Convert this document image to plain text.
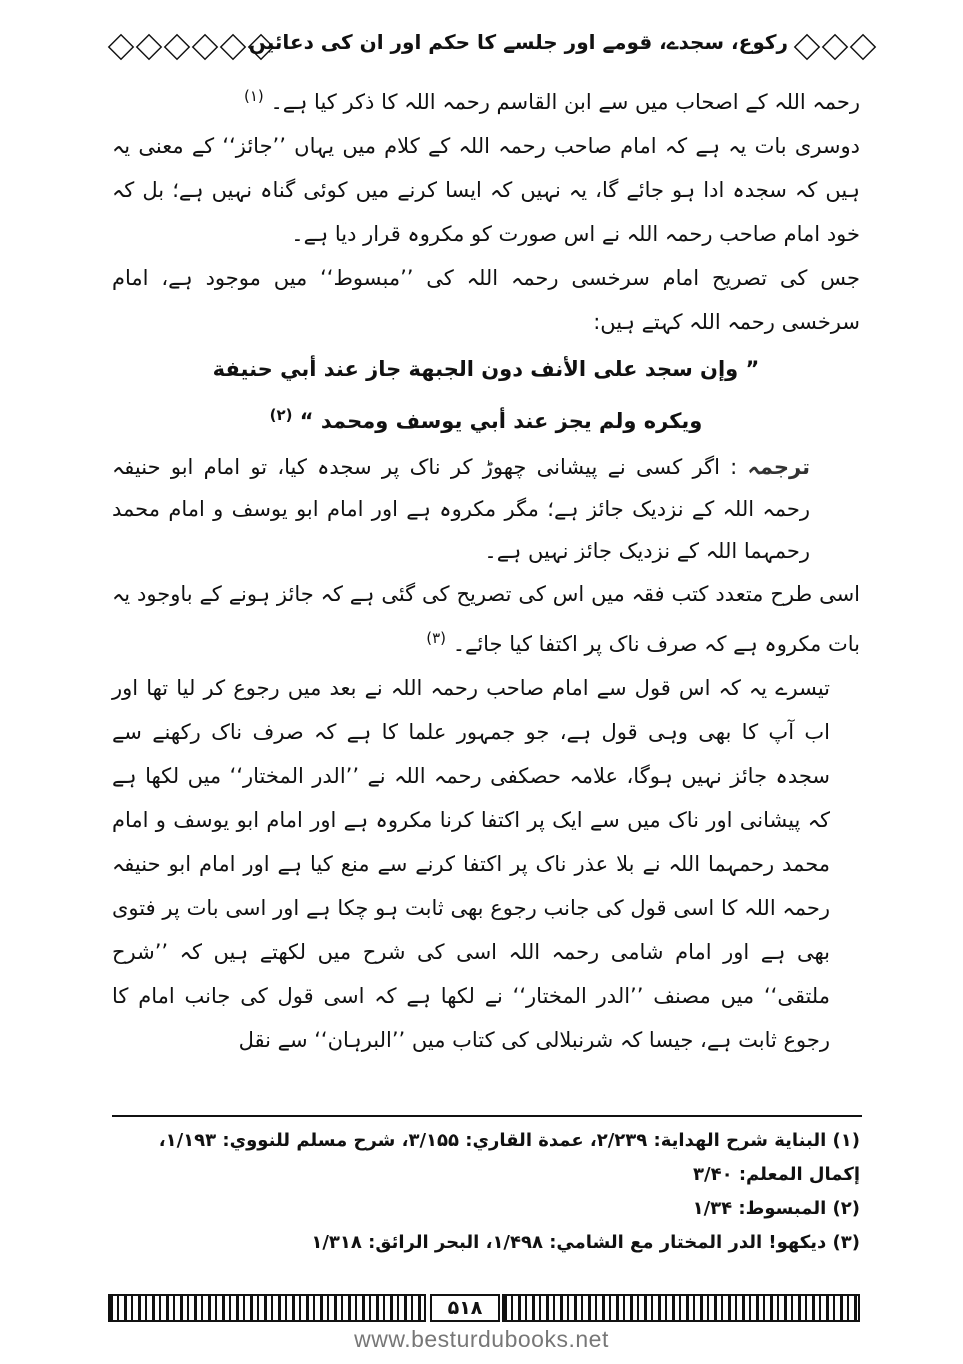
رکوع، سجدے، قومے اور جلسے کا حکم اور ان کی دعائیں

رحمہ اللہ کے اصحاب میں سے ابن القاسم رحمہ اللہ کا ذکر کیا ہے۔ $^{(۱)}$

دوسری بات یہ ہے کہ امام صاحب رحمہ اللہ کے کلام میں یہاں ’’جائز‘‘ کے معنی یہ ہیں کہ سجدہ ادا ہو جائے گا، یہ نہیں کہ ایسا کرنے میں کوئی گناہ نہیں ہے؛ بل کہ خود امام صاحب رحمہ اللہ نے اس صورت کو مکروہ قرار دیا ہے۔

جس کی تصریح امام سرخسی رحمہ اللہ کی ’’مبسوط‘‘ میں موجود ہے، امام سرخسی رحمہ اللہ کہتے ہیں:

” وإن سجد على الأنف دون الجبهة جاز عند أبي حنيفة

ويكره ولم يجز عند أبي يوسف ومحمد “ $^{(۲)}$

ترجمہ : اگر کسی نے پیشانی چھوڑ کر ناک پر سجدہ کیا، تو امام ابو حنیفہ رحمہ اللہ کے نزدیک جائز ہے؛ مگر مکروہ ہے اور امام ابو یوسف و امام محمد رحمہما اللہ کے نزدیک جائز نہیں ہے۔

اسی طرح متعدد کتب فقہ میں اس کی تصریح کی گئی ہے کہ جائز ہونے کے باوجود یہ بات مکروہ ہے کہ صرف ناک پر اکتفا کیا جائے۔ $^{(۳)}$

تیسرے یہ کہ اس قول سے امام صاحب رحمہ اللہ نے بعد میں رجوع کر لیا تھا اور اب آپ کا بھی وہی قول ہے، جو جمہور علما کا ہے کہ صرف ناک رکھنے سے سجدہ جائز نہیں ہوگا، علامہ حصکفی رحمہ اللہ نے ’’الدر المختار‘‘ میں لکھا ہے کہ پیشانی اور ناک میں سے ایک پر اکتفا کرنا مکروہ ہے اور امام ابو یوسف و امام محمد رحمہما اللہ نے بلا عذر ناک پر اکتفا کرنے سے منع کیا ہے اور امام ابو حنیفہ رحمہ اللہ کا اسی قول کی جانب رجوع بھی ثابت ہو چکا ہے اور اسی بات پر فتوی بھی ہے اور امام شامی رحمہ اللہ اسی کی شرح میں لکھتے ہیں کہ ’’شرح ملتقی‘‘ میں مصنف ’’الدر المختار‘‘ نے لکھا ہے کہ اسی قول کی جانب امام کا رجوع ثابت ہے، جیسا کہ شرنبلالی کی کتاب میں ’’البرہان‘‘ سے نقل

(۱) البناية شرح الهداية: ۲/۲۳۹، عمدة القاري: ۳/۱۵۵، شرح مسلم للنووي: ۱/۱۹۳، إكمال المعلم: ۳/۴۰

(۲) المبسوط: ۱/۳۴

(۳) دیکھو! الدر المختار مع الشامي: ۱/۴۹۸، البحر الرائق: ۱/۳۱۸

۵۱۸
www.besturdubooks.net
